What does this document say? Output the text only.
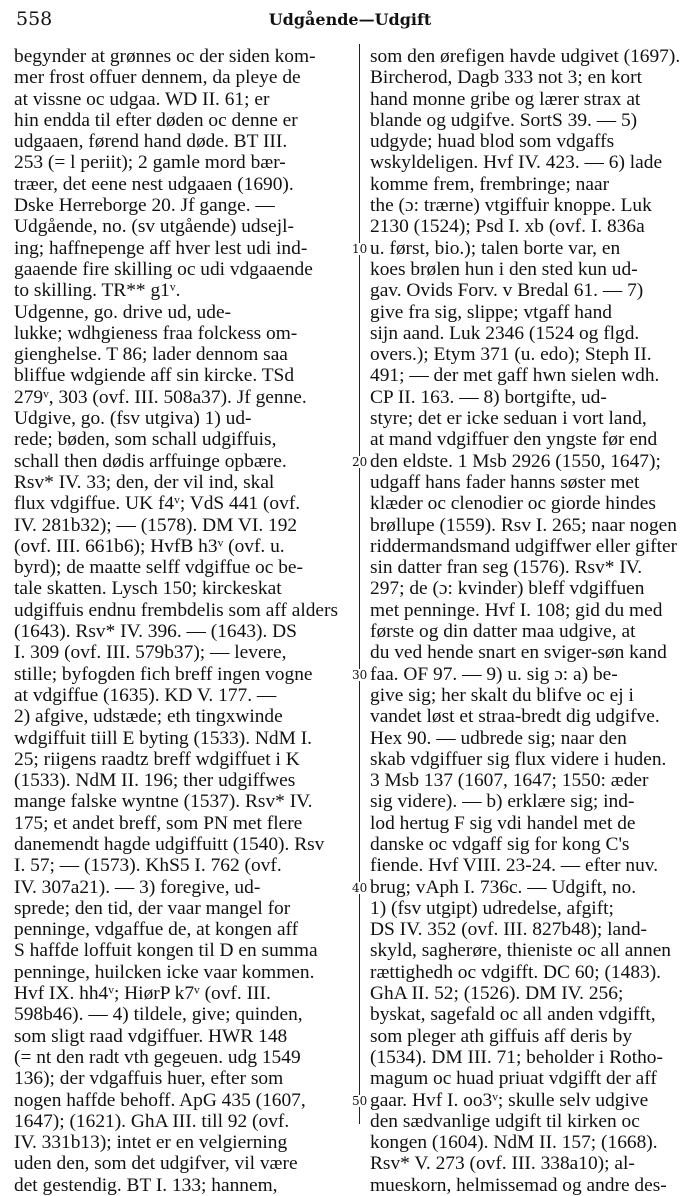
558	Udgående—Udgift
begynder at grønnes oc der siden kom-
mer frost offuer dennem, da pleye de
at vissne oc udgaa. WD II. 61; er
hin endda til efter døden oc denne er
udgaaen, førend hand døde. BT III.
253 (= l periit); 2 gamle mord bær-
træer, det eene nest udgaaen (1690).
Dske Herreborge 20. Jf gange. —
Udgående, no. (sv utgående) udsejl-
ing; haffnepenge aff hver lest udi ind-
gaaende fire skilling oc udi vdgaaende
to skilling. TR** g1ᵛ.
Udgenne, go. drive ud, ude-
lukke; wdhgieness fraa folckess om-
gienghelse. T 86; lader dennom saa
bliffue wdgiende aff sin kircke. TSd
279ᵛ, 303 (ovf. III. 508a37). Jf genne.
Udgive, go. (fsv utgiva) 1) ud-
rede; bøden, som schall udgiffuis,
schall then dødis arffuinge opbære.
Rsv* IV. 33; den, der vil ind, skal
flux vdgiffue. UK f4ᵛ; VdS 441 (ovf.
IV. 281b32); — (1578). DM VI. 192
(ovf. III. 661b6); HvfB h3ᵛ (ovf. u.
byrd); de maatte selff vdgiffue oc be-
tale skatten. Lysch 150; kirckeskat
udgiffuis endnu frembdelis som aff alders
(1643). Rsv* IV. 396. — (1643). DS
I. 309 (ovf. III. 579b37); — levere,
stille; byfogden fich breff ingen vogne
at vdgiffue (1635). KD V. 177. —
2) afgive, udstæde; eth tingxwinde
wdgiffuit tiill E byting (1533). NdM I.
25; riigens raadtz breff wdgiffuet i K
(1533). NdM II. 196; ther udgiffwes
mange falske wyntne (1537). Rsv* IV.
175; et andet breff, som PN met flere
danemendt hagde udgiffuitt (1540). Rsv
I. 57; — (1573). KhS5 I. 762 (ovf.
IV. 307a21). — 3) foregive, ud-
sprede; den tid, der vaar mangel for
penninge, vdgaffue de, at kongen aff
S haffde loffuit kongen til D en summa
penninge, huilcken icke vaar kommen.
Hvf IX. hh4ᵛ; HiørP k7ᵛ (ovf. III.
598b46). — 4) tildele, give; quinden,
som sligt raad vdgiffuer. HWR 148
(= nt den radt vth gegeuen. udg 1549
136); der vdgaffuis huer, efter som
nogen haffde behoff. ApG 435 (1607,
1647); (1621). GhA III. till 92 (ovf.
IV. 331b13); intet er en velgierning
uden den, som det udgifver, vil være
det gestendig. BT I. 133; hannem,
10
20
30
40
50
som den ørefigen havde udgivet (1697).
Bircherod, Dagb 333 not 3; en kort
hand monne gribe og lærer strax at
blande og udgifve. SortS 39. — 5)
udgyde; huad blod som vdgaffs
wskyldeligen. Hvf IV. 423. — 6) lade
komme frem, frembringe; naar
the (ɔ: trærne) vtgiffuir knoppe. Luk
2130 (1524); Psd I. xb (ovf. I. 836a
u. først, bio.); talen borte var, en
koes brølen hun i den sted kun ud-
gav. Ovids Forv. v Bredal 61. — 7)
give fra sig, slippe; vtgaff hand
sijn aand. Luk 2346 (1524 og flgd.
overs.); Etym 371 (u. edo); Steph II.
491; — der met gaff hwn sielen wdh.
CP II. 163. — 8) bortgifte, ud-
styre; det er icke seduan i vort land,
at mand vdgiffuer den yngste før end
den eldste. 1 Msb 2926 (1550, 1647);
udgaff hans fader hanns søster met
klæder oc clenodier oc giorde hindes
brøllupe (1559). Rsv I. 265; naar nogen
riddermandsmand udgiffwer eller gifter
sin datter fran seg (1576). Rsv* IV.
297; de (ɔ: kvinder) bleff vdgiffuen
met penninge. Hvf I. 108; gid du med
første og din datter maa udgive, at
du ved hende snart en sviger-søn kand
faa. OF 97. — 9) u. sig ɔ: a) be-
give sig; her skalt du blifve oc ej i
vandet løst et straa-bredt dig udgifve.
Hex 90. — udbrede sig; naar den
skab vdgiffuer sig flux videre i huden.
3 Msb 137 (1607, 1647; 1550: æder
sig videre). — b) erklære sig; ind-
lod hertug F sig vdi handel met de
danske oc vdgaff sig for kong C's
fiende. Hvf VIII. 23-24. — efter nuv.
brug; vAph I. 736c. — Udgift, no.
1) (fsv utgipt) udredelse, afgift;
DS IV. 352 (ovf. III. 827b48); land-
skyld, sagherøre, thieniste oc all annen
rættighedh oc vdgifft. DC 60; (1483).
GhA II. 52; (1526). DM IV. 256;
byskat, sagefald oc all anden vdgifft,
som pleger ath giffuis aff deris by
(1534). DM III. 71; beholder i Rotho-
magum oc huad priuat vdgifft der aff
gaar. Hvf I. oo3ᵛ; skulle selv udgive
den sædvanlige udgift til kirken oc
kongen (1604). NdM II. 157; (1668).
Rsv* V. 273 (ovf. III. 338a10); al-
mueskorn, helmissemad og andre des-
